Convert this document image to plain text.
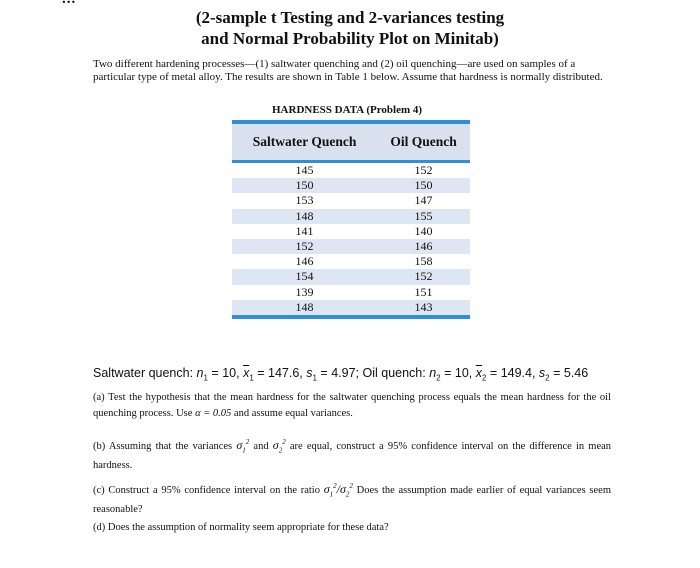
(2-sample t Testing and 2-variances testing
and Normal Probability Plot on Minitab)
Two different hardening processes—(1) saltwater quenching and (2) oil quenching—are used on samples of a particular type of metal alloy. The results are shown in Table 1 below. Assume that hardness is normally distributed.
HARDNESS DATA (Problem 4)
Saltwater Quench	Oil Quench
145	152
150	150
153	147
148	155
141	140
152	146
146	158
154	152
139	151
148	143
Saltwater quench: $n_1 = 10$, $\overline{x}_1 = 147.6$, $s_1 = 4.97$; Oil quench: $n_2 = 10$, $\overline{x}_2 = 149.4$, $s_2 = 5.46$
(a) Test the hypothesis that the mean hardness for the saltwater quenching process equals the mean hardness for the oil quenching process. Use α = 0.05 and assume equal variances.
(b) Assuming that the variances $\sigma_1^2$ and $\sigma_2^2$ are equal, construct a 95% confidence interval on the difference in mean hardness.
(c) Construct a 95% confidence interval on the ratio $\sigma_1^2/\sigma_2^2$ Does the assumption made earlier of equal variances seem reasonable?
(d) Does the assumption of normality seem appropriate for these data?
